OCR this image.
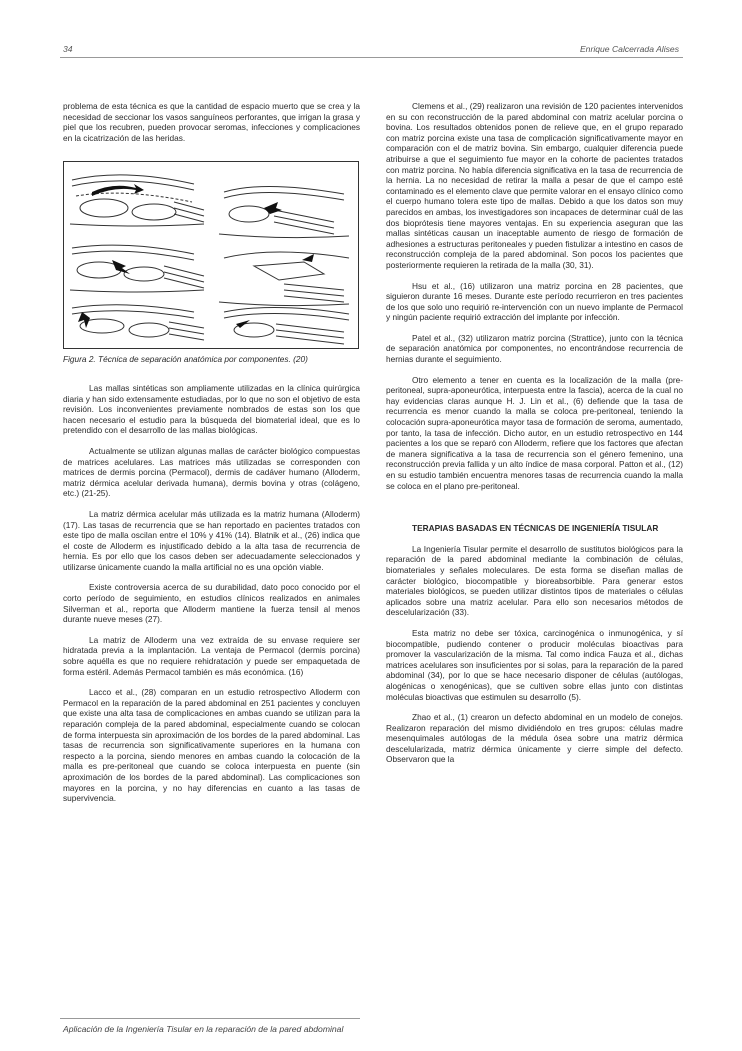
34	Enrique Calcerrada Alises

problema de esta técnica es que la cantidad de espacio muerto que se crea y la necesidad de seccionar los vasos sanguíneos perforantes, que irrigan la grasa y piel que los recubren, pueden provocar seromas, infecciones y complicaciones en la cicatrización de las heridas.

Figura 2. Técnica de separación anatómica por componentes. (20)

Las mallas sintéticas son ampliamente utilizadas en la clínica quirúrgica diaria y han sido extensamente estudiadas, por lo que no son el objetivo de esta revisión. Los inconvenientes previamente nombrados de estas son los que hacen necesario el estudio para la búsqueda del biomaterial ideal, que es lo pretendido con el desarrollo de las mallas biológicas.

Actualmente se utilizan algunas mallas de carácter biológico compuestas de matrices acelulares. Las matrices más utilizadas se corresponden con matrices de dermis porcina (Permacol), dermis de cadáver humano (Alloderm, matriz dérmica acelular derivada humana), dermis bovina y otras (colágeno, etc.) (21-25).

La matriz dérmica acelular más utilizada es la matriz humana (Alloderm) (17). Las tasas de recurrencia que se han reportado en pacientes tratados con este tipo de malla oscilan entre el 10% y 41% (14). Blatnik et al., (26) indica que el coste de Alloderm es injustificado debido a la alta tasa de recurrencia de hernia. Es por ello que los casos deben ser adecuadamente seleccionados y utilizarse únicamente cuando la malla artificial no es una opción viable.

Existe controversia acerca de su durabilidad, dato poco conocido por el corto período de seguimiento, en estudios clínicos realizados en animales Silverman et al., reporta que Alloderm mantiene la fuerza tensil al menos durante nueve meses (27).

La matriz de Alloderm una vez extraída de su envase requiere ser hidratada previa a la implantación. La ventaja de Permacol (dermis porcina) sobre aquélla es que no requiere rehidratación y puede ser empaquetada de forma estéril. Además Permacol también es más económica. (16)

Lacco et al., (28) comparan en un estudio retrospectivo Alloderm con Permacol en la reparación de la pared abdominal en 251 pacientes y concluyen que existe una alta tasa de complicaciones en ambas cuando se utilizan para la reparación compleja de la pared abdominal, especialmente cuando se colocan de forma interpuesta sin aproximación de los bordes de la pared abdominal. Las tasas de recurrencia son significativamente superiores en la humana con respecto a la porcina, siendo menores en ambas cuando la colocación de la malla es pre-peritoneal que cuando se coloca interpuesta en puente (sin aproximación de los bordes de la pared abdominal). Las complicaciones son mayores en la porcina, y no hay diferencias en cuanto a las tasas de supervivencia.

Clemens et al., (29) realizaron una revisión de 120 pacientes intervenidos en su con reconstrucción de la pared abdominal con matriz acelular porcina o bovina. Los resultados obtenidos ponen de relieve que, en el grupo reparado con matriz porcina existe una tasa de complicación significativamente mayor en comparación con el de matriz bovina. Sin embargo, cualquier diferencia puede atribuirse a que el seguimiento fue mayor en la cohorte de pacientes tratados con matriz porcina. No había diferencia significativa en la tasa de recurrencia de la hernia. La no necesidad de retirar la malla a pesar de que el campo esté contaminado es el elemento clave que permite valorar en el ensayo clínico como el cuerpo humano tolera este tipo de mallas. Debido a que los datos son muy parecidos en ambas, los investigadores son incapaces de determinar cuál de las dos bioprótesis tiene mayores ventajas. En su experiencia aseguran que las mallas sintéticas causan un inaceptable aumento de riesgo de formación de adhesiones a estructuras peritoneales y pueden fistulizar a intestino en casos de reconstrucción compleja de la pared abdominal. Son pocos los pacientes que posteriormente requieren la retirada de la malla (30, 31).

Hsu et al., (16) utilizaron una matriz porcina en 28 pacientes, que siguieron durante 16 meses. Durante este período recurrieron en tres pacientes de los que solo uno requirió re-intervención con un nuevo implante de Permacol y ningún paciente requirió extracción del implante por infección.

Patel et al., (32) utilizaron matriz porcina (Strattice), junto con la técnica de separación anatómica por componentes, no encontrándose recurrencia de hernias durante el seguimiento.

Otro elemento a tener en cuenta es la localización de la malla (pre-peritoneal, supra-aponeurótica, interpuesta entre la fascia), acerca de la cual no hay evidencias claras aunque H. J. Lin et al., (6) defiende que la tasa de recurrencia es menor cuando la malla se coloca pre-peritoneal, teniendo la colocación supra-aponeurótica mayor tasa de formación de seroma, aumentado, por tanto, la tasa de infección. Dicho autor, en un estudio retrospectivo en 144 pacientes a los que se reparó con Alloderm, refiere que los factores que afectan de manera significativa a la tasa de recurrencia son el género femenino, una reconstrucción previa fallida y un alto índice de masa corporal. Patton et al., (12) en su estudio también encuentra menores tasas de recurrencia cuando la malla se coloca en el plano pre-peritoneal.

TERAPIAS BASADAS EN TÉCNICAS DE INGENIERÍA TISULAR

La Ingeniería Tisular permite el desarrollo de sustitutos biológicos para la reparación de la pared abdominal mediante la combinación de células, biomateriales y señales moleculares. De esta forma se diseñan mallas de carácter biológico, biocompatible y bioreabsorbible. Para generar estos materiales biológicos, se pueden utilizar distintos tipos de materiales o células aplicados sobre una matriz acelular. Para ello son necesarios métodos de descelularización (33).

Esta matriz no debe ser tóxica, carcinogénica o inmunogénica, y sí biocompatible, pudiendo contener o producir moléculas bioactivas para promover la vascularización de la misma. Tal como indica Fauza et al., dichas matrices acelulares son insuficientes por si solas, para la reparación de la pared abdominal (34), por lo que se hace necesario disponer de células (autólogas, alogénicas o xenogénicas), que se cultiven sobre ellas junto con distintas moléculas bioactivas que estimulen su desarrollo (5).

Zhao et al., (1) crearon un defecto abdominal en un modelo de conejos. Realizaron reparación del mismo dividiéndolo en tres grupos: células madre mesenquimales autólogas de la médula ósea sobre una matriz dérmica descelularizada, matriz dérmica únicamente y cierre simple del defecto. Observaron que la

Aplicación de la Ingeniería Tisular en la reparación de la pared abdominal
